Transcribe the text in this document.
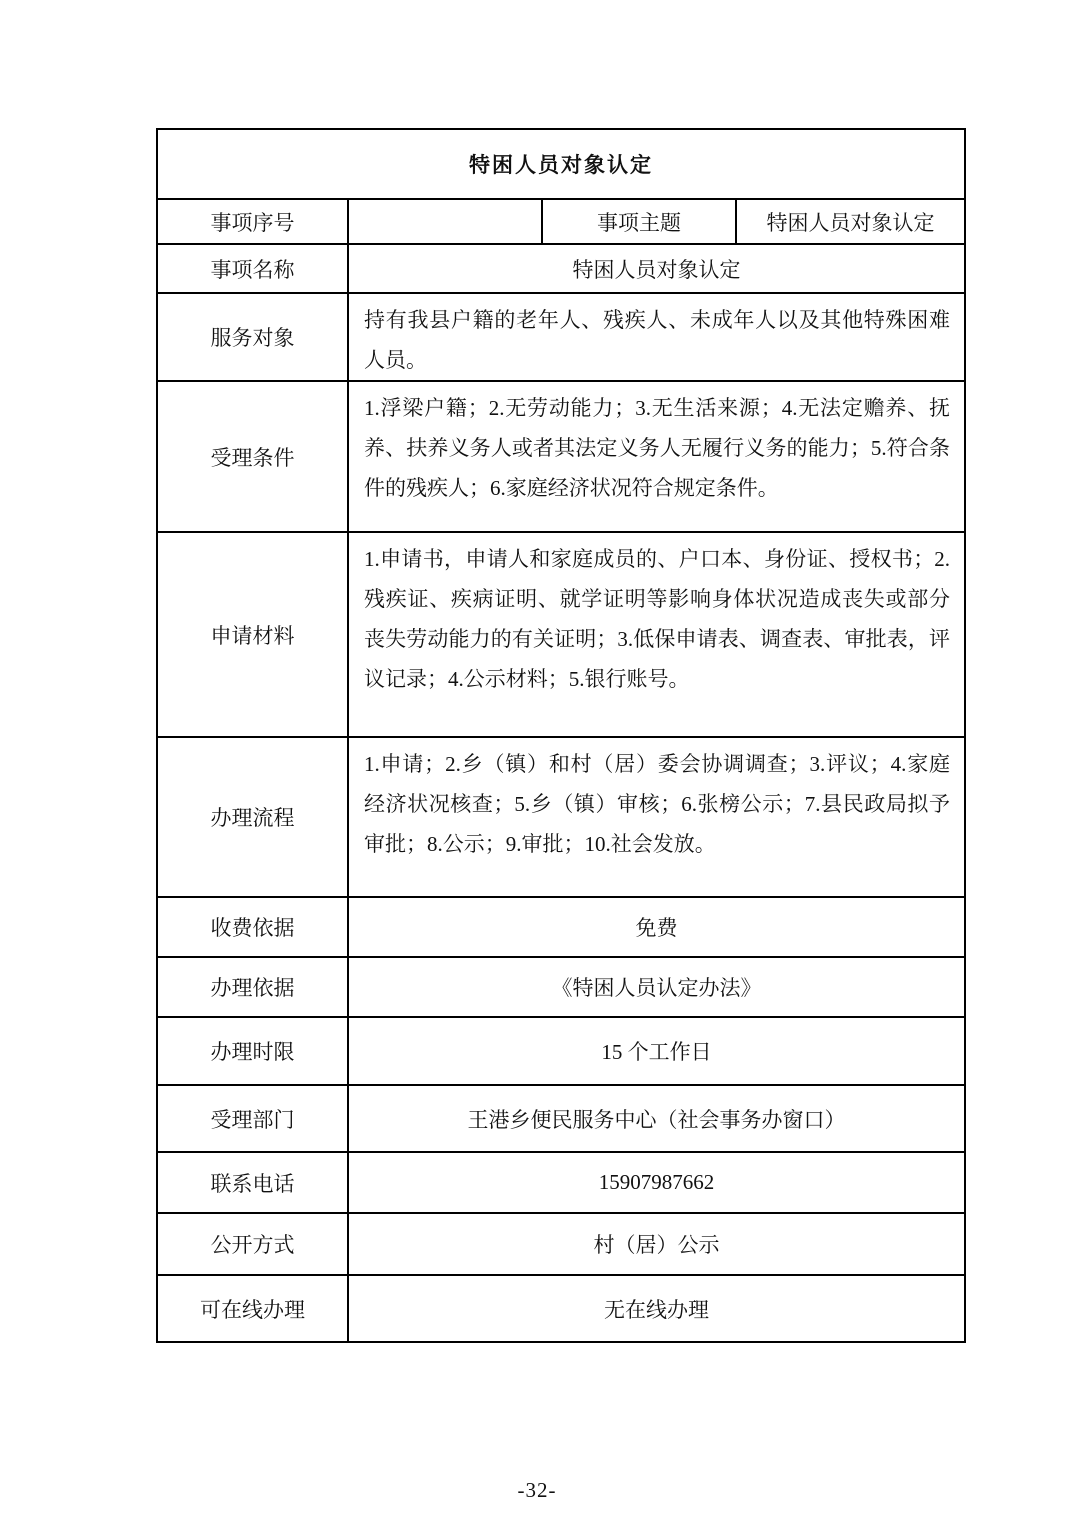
特困人员对象认定			
事项序号		事项主题	特困人员对象认定
事项名称	特困人员对象认定		
服务对象	持有我县户籍的老年人、残疾人、未成年人以及其他特殊困难人员。		
受理条件	1.浮梁户籍；2.无劳动能力；3.无生活来源；4.无法定赡养、抚养、扶养义务人或者其法定义务人无履行义务的能力；5.符合条件的残疾人；6.家庭经济状况符合规定条件。		
申请材料	1.申请书，申请人和家庭成员的、户口本、身份证、授权书；2.残疾证、疾病证明、就学证明等影响身体状况造成丧失或部分丧失劳动能力的有关证明；3.低保申请表、调查表、审批表，评议记录；4.公示材料；5.银行账号。		
办理流程	1.申请；2.乡（镇）和村（居）委会协调调查；3.评议；4.家庭经济状况核查；5.乡（镇）审核；6.张榜公示；7.县民政局拟予审批；8.公示；9.审批；10.社会发放。		
收费依据	免费		
办理依据	《特困人员认定办法》		
办理时限	15 个工作日		
受理部门	王港乡便民服务中心（社会事务办窗口）		
联系电话	15907987662		
公开方式	村（居）公示		
可在线办理	无在线办理		
-32-
